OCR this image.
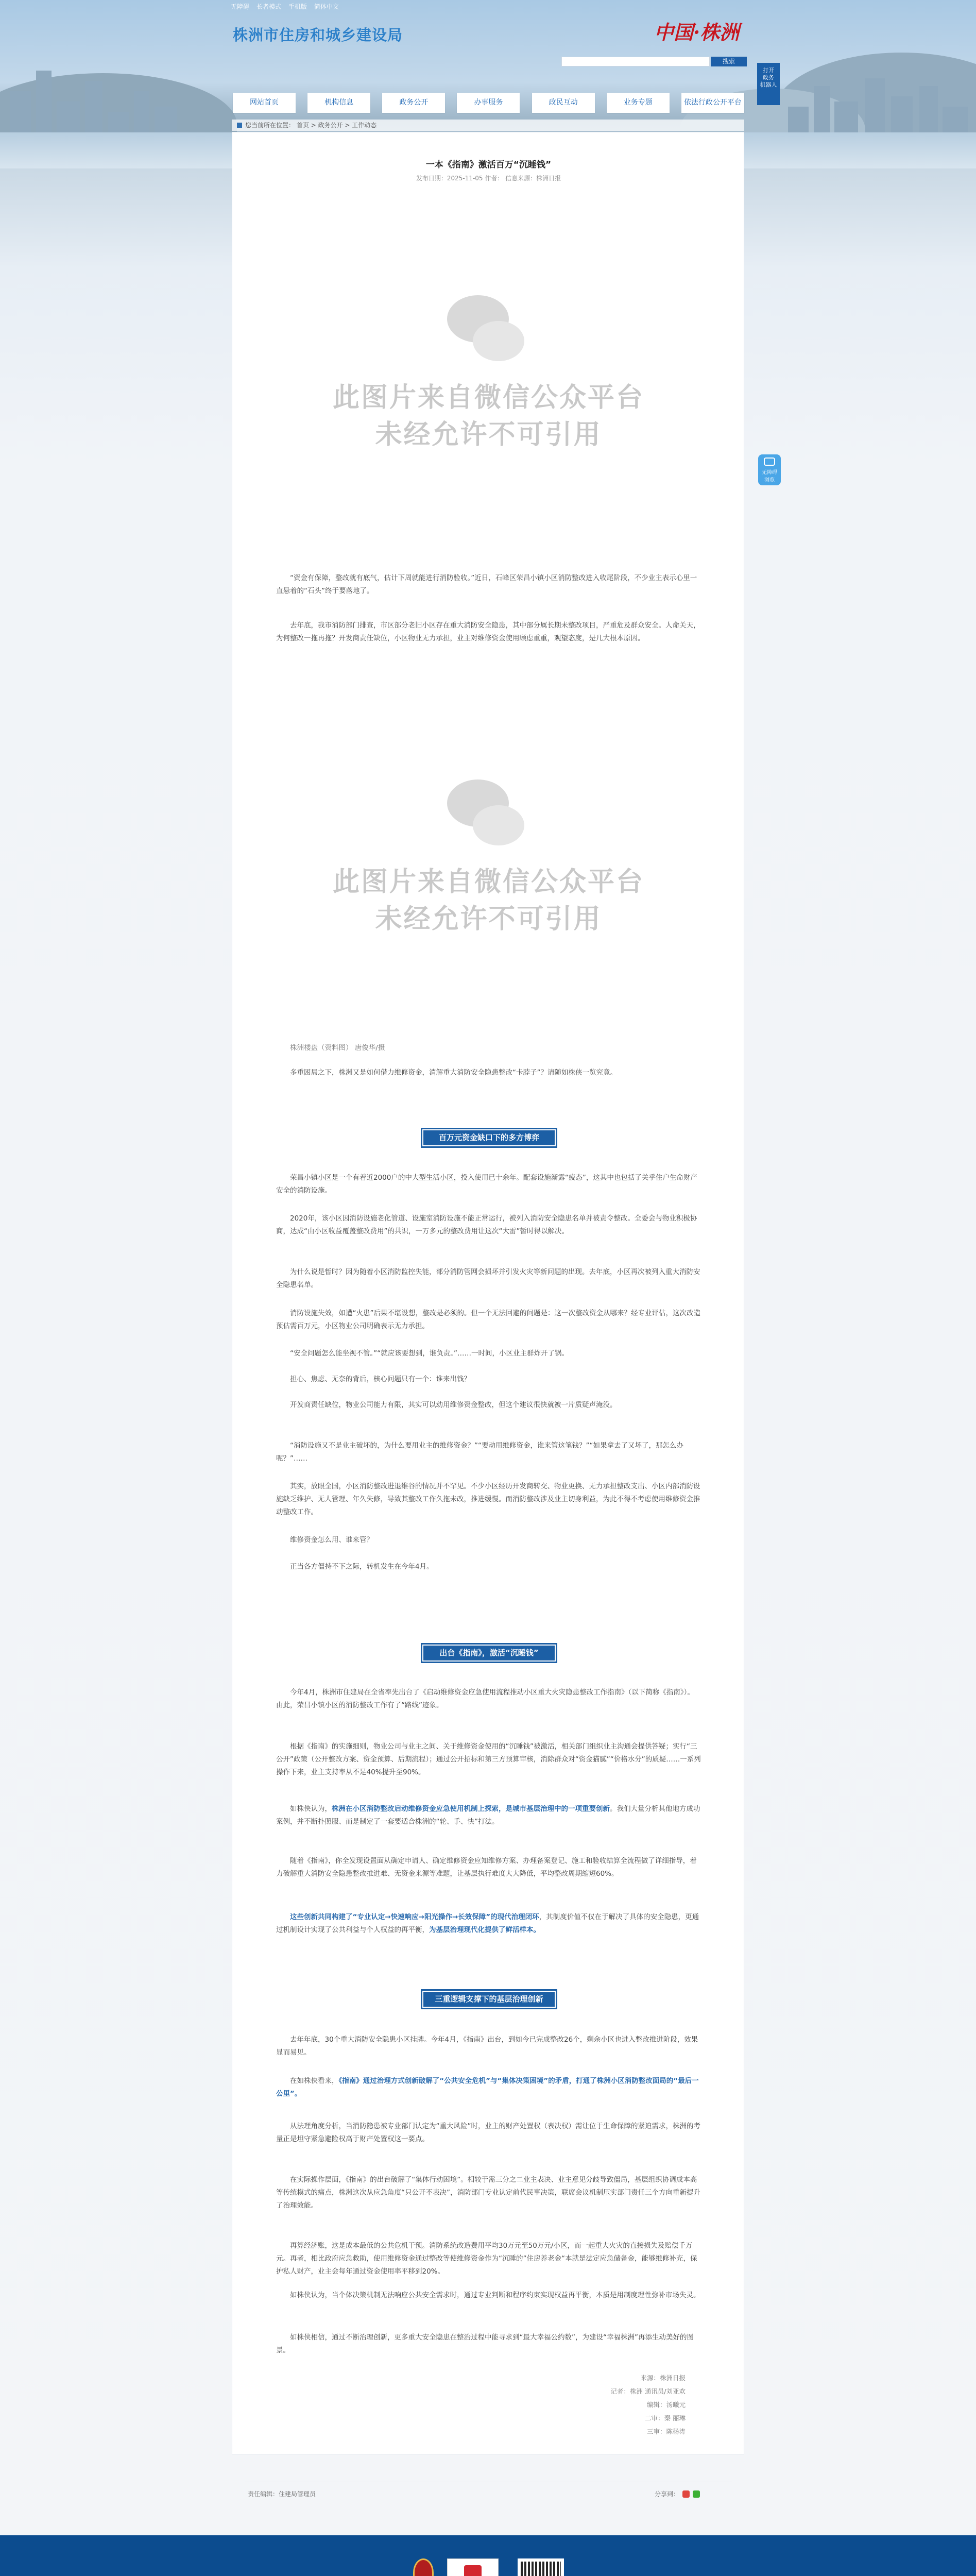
无障碍 长者模式 手机版 简体中文
株洲市住房和城乡建设局	中国·株洲
搜索
打开
政务
机器人
网站首页	机构信息	政务公开	办事服务	政民互动	业务专题	依法行政公开平台
您当前所在位置： 首页 > 政务公开 > 工作动态
无障碍
浏览
一本《指南》激活百万“沉睡钱”
发布日期：2025-11-05 作者： 信息来源：株洲日报
此图片来自微信公众平台
未经允许不可引用
“资金有保障，整改就有底气，估计下周就能进行消防验收。”近日，石峰区荣昌小镇小区消防整改进入收尾阶段，不少业主表示心里一直悬着的“石头”终于要落地了。
去年底，我市消防部门排查，市区部分老旧小区存在重大消防安全隐患，其中部分属长期未整改项目，严重危及群众安全。人命关天，为何整改一拖再拖？开发商责任缺位，小区物业无力承担，业主对维修资金使用顾虑重重，观望态度，是几大根本原因。
此图片来自微信公众平台
未经允许不可引用
株洲楼盘（资料图） 唐俊华/摄
多重困局之下，株洲又是如何借力维修资金，消解重大消防安全隐患整改“卡脖子”？请随如株侠一览究竟。
百万元资金缺口下的多方博弈
荣昌小镇小区是一个有着近2000户的中大型生活小区，投入使用已十余年。配套设施渐露“疲态”，这其中也包括了关乎住户生命财产安全的消防设施。
2020年，该小区因消防设施老化管道、设施室消防设施不能正常运行，被列入消防安全隐患名单并被责令整改。全委会与物业积极协商，达成“由小区收益覆盖整改费用”的共识，一万多元的整改费用让这次“大雷”暂时得以解决。
为什么说是暂时？因为随着小区消防监控失能，部分消防管网会损坏并引发火灾等新问题的出现。去年底，小区再次被列入重大消防安全隐患名单。
消防设施失效，如遭“火患”后果不堪设想，整改是必须的。但一个无法回避的问题是：这一次整改资金从哪来？经专业评估，这次改造预估需百万元，小区物业公司明确表示无力承担。
“安全问题怎么能坐视不管。”“就应该要想到，谁负责。”……一时间，小区业主群炸开了锅。
担心、焦虑、无奈的背后，核心问题只有一个：谁来出钱？
开发商责任缺位，物业公司能力有限，其实可以动用维修资金整改，但这个建议很快就被一片质疑声淹没。
“消防设施又不是业主破坏的，为什么要用业主的维修资金？”“要动用维修资金，谁来管这笔钱？”“如果拿去了又坏了，那怎么办呢？”……
其实，放眼全国，小区消防整改进退维谷的情况并不罕见。不少小区经历开发商转交、物业更换、无力承担整改支出、小区内部消防设施缺乏维护、无人管理、年久失修，导致其整改工作久拖未改，推进缓慢。而消防整改涉及业主切身利益，为此不得不考虑使用维修资金推动整改工作。
维修资金怎么用、谁来管？
正当各方僵持不下之际，转机发生在今年4月。
出台《指南》，激活“沉睡钱”
今年4月，株洲市住建局在全省率先出台了《启动维修资金应急使用流程推动小区重大火灾隐患整改工作指南》（以下简称《指南》）。由此，荣昌小镇小区的消防整改工作有了“路线”迹象。
根据《指南》的实施细则，物业公司与业主之间、关于维修资金使用的“沉睡钱”被激活，相关部门组织业主沟通会提供答疑；实行“三公开”政策（公开整改方案、资金预算、后期流程）；通过公开招标和第三方预算审核，消除群众对“资金猫腻”“价格水分”的质疑……一系列操作下来，业主支持率从不足40%提升至90%。
如株侠认为，株洲在小区消防整改启动维修资金应急使用机制上探索，是城市基层治理中的一项重要创新。我们大量分析其他地方成功案例，并不断扑照服、而是制定了一套要适合株洲的“轮、手、快”打法。
随着《指南》，你全发现设置面从确定申请人、确定维修资金应知维修方案、办理备案登记、施工和验收结算全流程做了详细指导，着力破解重大消防安全隐患整改推进难、无资金来源等难题，让基层执行难度大大降低，平均整改周期缩短60%。
这些创新共同构建了“专业认定→快速响应→阳光操作→长效保障”的现代治理闭环，其制度价值不仅在于解决了具体的安全隐患，更通过机制设计实现了公共利益与个人权益的再平衡，为基层治理现代化提供了鲜活样本。
三重逻辑支撑下的基层治理创新
去年年底，30个重大消防安全隐患小区挂牌。今年4月，《指南》出台，到如今已完成整改26个，剩余小区也进入整改推进阶段，效果显而易见。
在如株侠看来，《指南》通过治理方式创新破解了“公共安全危机”与“集体决策困境”的矛盾，打通了株洲小区消防整改面局的“最后一公里”。
从法理角度分析，当消防隐患被专业部门认定为“重大风险”时，业主的财产处置权（表决权）需让位于生命保障的紧迫需求，株洲的考量正是坦守紧急避险权高于财产处置权这一要点。
在实际操作层面，《指南》的出台破解了“集体行动困境”。相较于需三分之二业主表决、业主意见分歧导致僵局，基层组织协调成本高等传统模式的痛点，株洲这次从应急角度“只公开不表决”，消防部门专业认定前代民事决策，联席会议机制压实部门责任三个方向重新提升了治理效能。
再算经济账，这是成本最低的公共危机干预。消防系统改造费用平均30万元至50万元/小区，而一起重大火灾的直接损失及赔偿千万元。再者，相比政府应急救助，使用维修资金通过整改等使维修资金作为“沉睡的”住房养老金“本就是法定应急储备金，能够维修补充，保护私人财产，业主会每年通过资金使用率平移到20%。
如株侠认为，当个体决策机制无法响应公共安全需求时，通过专业判断和程序约束实现权益再平衡，本质是用制度理性弥补市场失灵。
如株侠相信，通过不断治理创新，更多重大安全隐患在整治过程中能寻求到“最大幸福公约数”，为建设“幸福株洲”再添生动美好的图景。
来源：株洲日报
记者：株洲 通讯员/刘亚欢
编辑：汤曦元
二审：秦 丽琳
三审：陈杨涛
责任编辑：住建局管理员	分享到：
